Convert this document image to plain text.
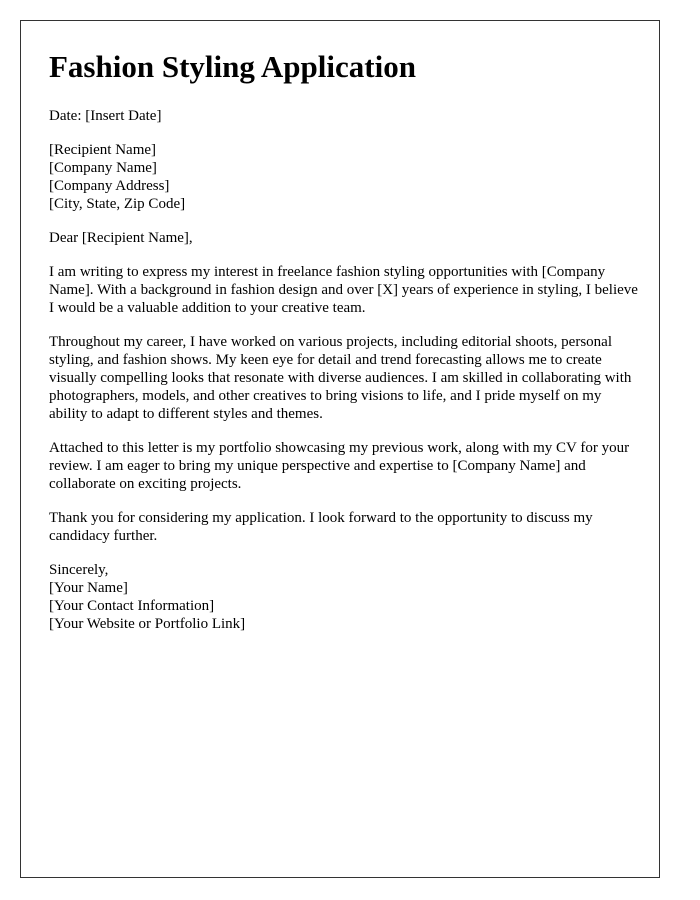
Fashion Styling Application
Date: [Insert Date]
[Recipient Name]
[Company Name]
[Company Address]
[City, State, Zip Code]
Dear [Recipient Name],

I am writing to express my interest in freelance fashion styling opportunities with [Company Name]. With a background in fashion design and over [X] years of experience in styling, I believe I would be a valuable addition to your creative team.

Throughout my career, I have worked on various projects, including editorial shoots, personal styling, and fashion shows. My keen eye for detail and trend forecasting allows me to create visually compelling looks that resonate with diverse audiences. I am skilled in collaborating with photographers, models, and other creatives to bring visions to life, and I pride myself on my ability to adapt to different styles and themes.

Attached to this letter is my portfolio showcasing my previous work, along with my CV for your review. I am eager to bring my unique perspective and expertise to [Company Name] and collaborate on exciting projects.

Thank you for considering my application. I look forward to the opportunity to discuss my candidacy further.

Sincerely,
[Your Name]
[Your Contact Information]
[Your Website or Portfolio Link]
